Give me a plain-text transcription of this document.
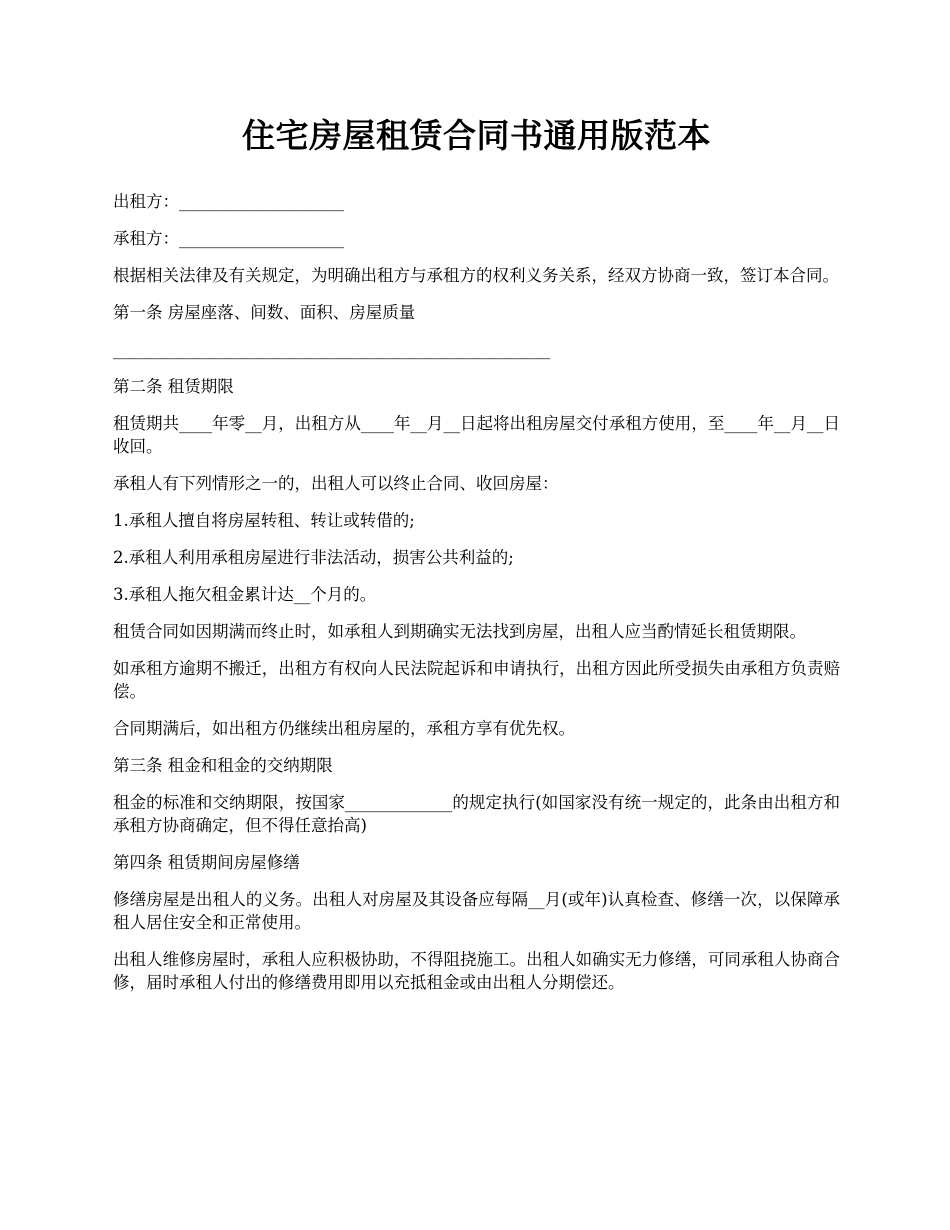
住宅房屋租赁合同书通用版范本
出租方：____________________
承租方：____________________
根据相关法律及有关规定，为明确出租方与承租方的权利义务关系，经双方协商一致，签订本合同。
第一条 房屋座落、间数、面积、房屋质量
_____________________________________________________
第二条 租赁期限
租赁期共____年零__月，出租方从____年__月__日起将出租房屋交付承租方使用，至____年__月__日收回。
承租人有下列情形之一的，出租人可以终止合同、收回房屋：
1.承租人擅自将房屋转租、转让或转借的;
2.承租人利用承租房屋进行非法活动，损害公共利益的;
3.承租人拖欠租金累计达__个月的。
租赁合同如因期满而终止时，如承租人到期确实无法找到房屋，出租人应当酌情延长租赁期限。
如承租方逾期不搬迁，出租方有权向人民法院起诉和申请执行，出租方因此所受损失由承租方负责赔偿。
合同期满后，如出租方仍继续出租房屋的，承租方享有优先权。
第三条 租金和租金的交纳期限
租金的标准和交纳期限，按国家_____________的规定执行(如国家没有统一规定的，此条由出租方和承租方协商确定，但不得任意抬高)
第四条 租赁期间房屋修缮
修缮房屋是出租人的义务。出租人对房屋及其设备应每隔__月(或年)认真检查、修缮一次，以保障承租人居住安全和正常使用。
出租人维修房屋时，承租人应积极协助，不得阻挠施工。出租人如确实无力修缮，可同承租人协商合修，届时承租人付出的修缮费用即用以充抵租金或由出租人分期偿还。
